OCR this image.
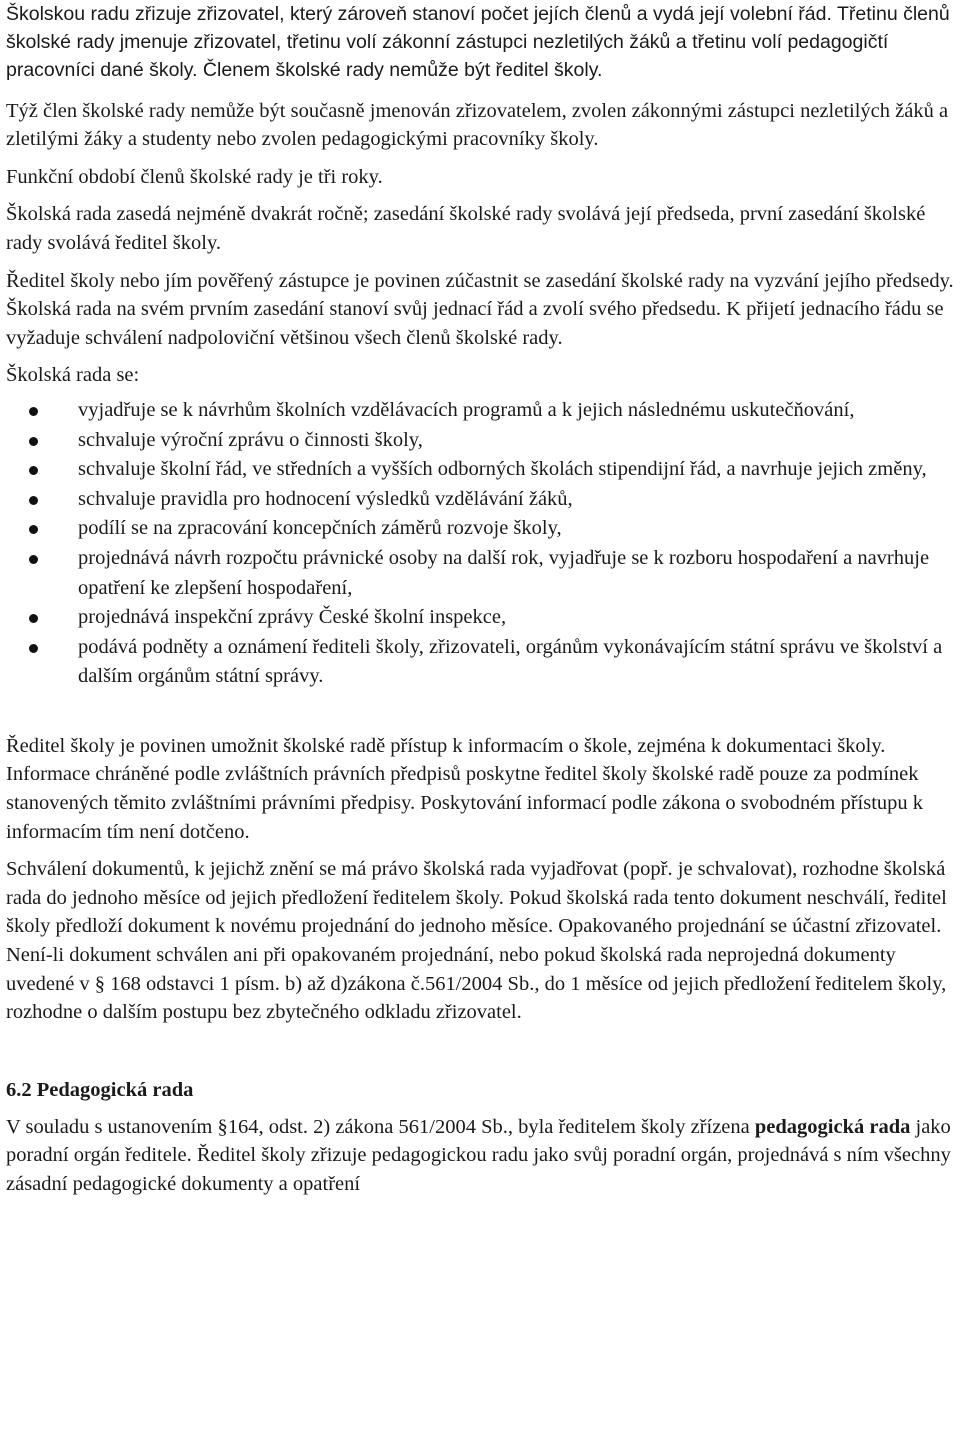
Školskou radu zřizuje zřizovatel, který zároveň stanoví počet jejích členů a vydá její volební řád. Třetinu členů školské rady jmenuje zřizovatel, třetinu volí zákonní zástupci nezletilých žáků a třetinu volí pedagogičtí pracovníci dané školy. Členem školské rady nemůže být ředitel školy.

Týž člen školské rady nemůže být současně jmenován zřizovatelem, zvolen zákonnými zástupci nezletilých žáků a zletilými žáky a studenty nebo zvolen pedagogickými pracovníky školy.

Funkční období členů školské rady je tři roky.

Školská rada zasedá nejméně dvakrát ročně; zasedání školské rady svolává její předseda, první zasedání školské rady svolává ředitel školy.

Ředitel školy nebo jím pověřený zástupce je povinen zúčastnit se zasedání školské rady na vyzvání jejího předsedy. Školská rada na svém prvním zasedání stanoví svůj jednací řád a zvolí svého předsedu. K přijetí jednacího řádu se vyžaduje schválení nadpoloviční většinou všech členů školské rady.

Školská rada se:

vyjadřuje se k návrhům školních vzdělávacích programů a k jejich následnému uskutečňování,
schvaluje výroční zprávu o činnosti školy,
schvaluje školní řád, ve středních a vyšších odborných školách stipendijní řád, a navrhuje jejich změny,
schvaluje pravidla pro hodnocení výsledků vzdělávání žáků,
podílí se na zpracování koncepčních záměrů rozvoje školy,
projednává návrh rozpočtu právnické osoby na další rok, vyjadřuje se k rozboru hospodaření a navrhuje opatření ke zlepšení hospodaření,
projednává inspekční zprávy České školní inspekce,
podává podněty a oznámení řediteli školy, zřizovateli, orgánům vykonávajícím státní správu ve školství a dalším orgánům státní správy.

Ředitel školy je povinen umožnit školské radě přístup k informacím o škole, zejména k dokumentaci školy. Informace chráněné podle zvláštních právních předpisů poskytne ředitel školy školské radě pouze za podmínek stanovených těmito zvláštními právními předpisy. Poskytování informací podle zákona o svobodném přístupu k informacím tím není dotčeno.

Schválení dokumentů, k jejichž znění se má právo školská rada vyjadřovat (popř. je schvalovat), rozhodne školská rada do jednoho měsíce od jejich předložení ředitelem školy. Pokud školská rada tento dokument neschválí, ředitel školy předloží dokument k novému projednání do jednoho měsíce. Opakovaného projednání se účastní zřizovatel. Není-li dokument schválen ani při opakovaném projednání, nebo pokud školská rada neprojedná dokumenty uvedené v § 168 odstavci 1 písm. b) až d)zákona č.561/2004 Sb., do 1 měsíce od jejich předložení ředitelem školy, rozhodne o dalším postupu bez zbytečného odkladu zřizovatel.

6.2 Pedagogická rada

V souladu s ustanovením §164, odst. 2) zákona 561/2004 Sb., byla ředitelem školy zřízena pedagogická rada jako poradní orgán ředitele. Ředitel školy zřizuje pedagogickou radu jako svůj poradní orgán, projednává s ním všechny zásadní pedagogické dokumenty a opatření
